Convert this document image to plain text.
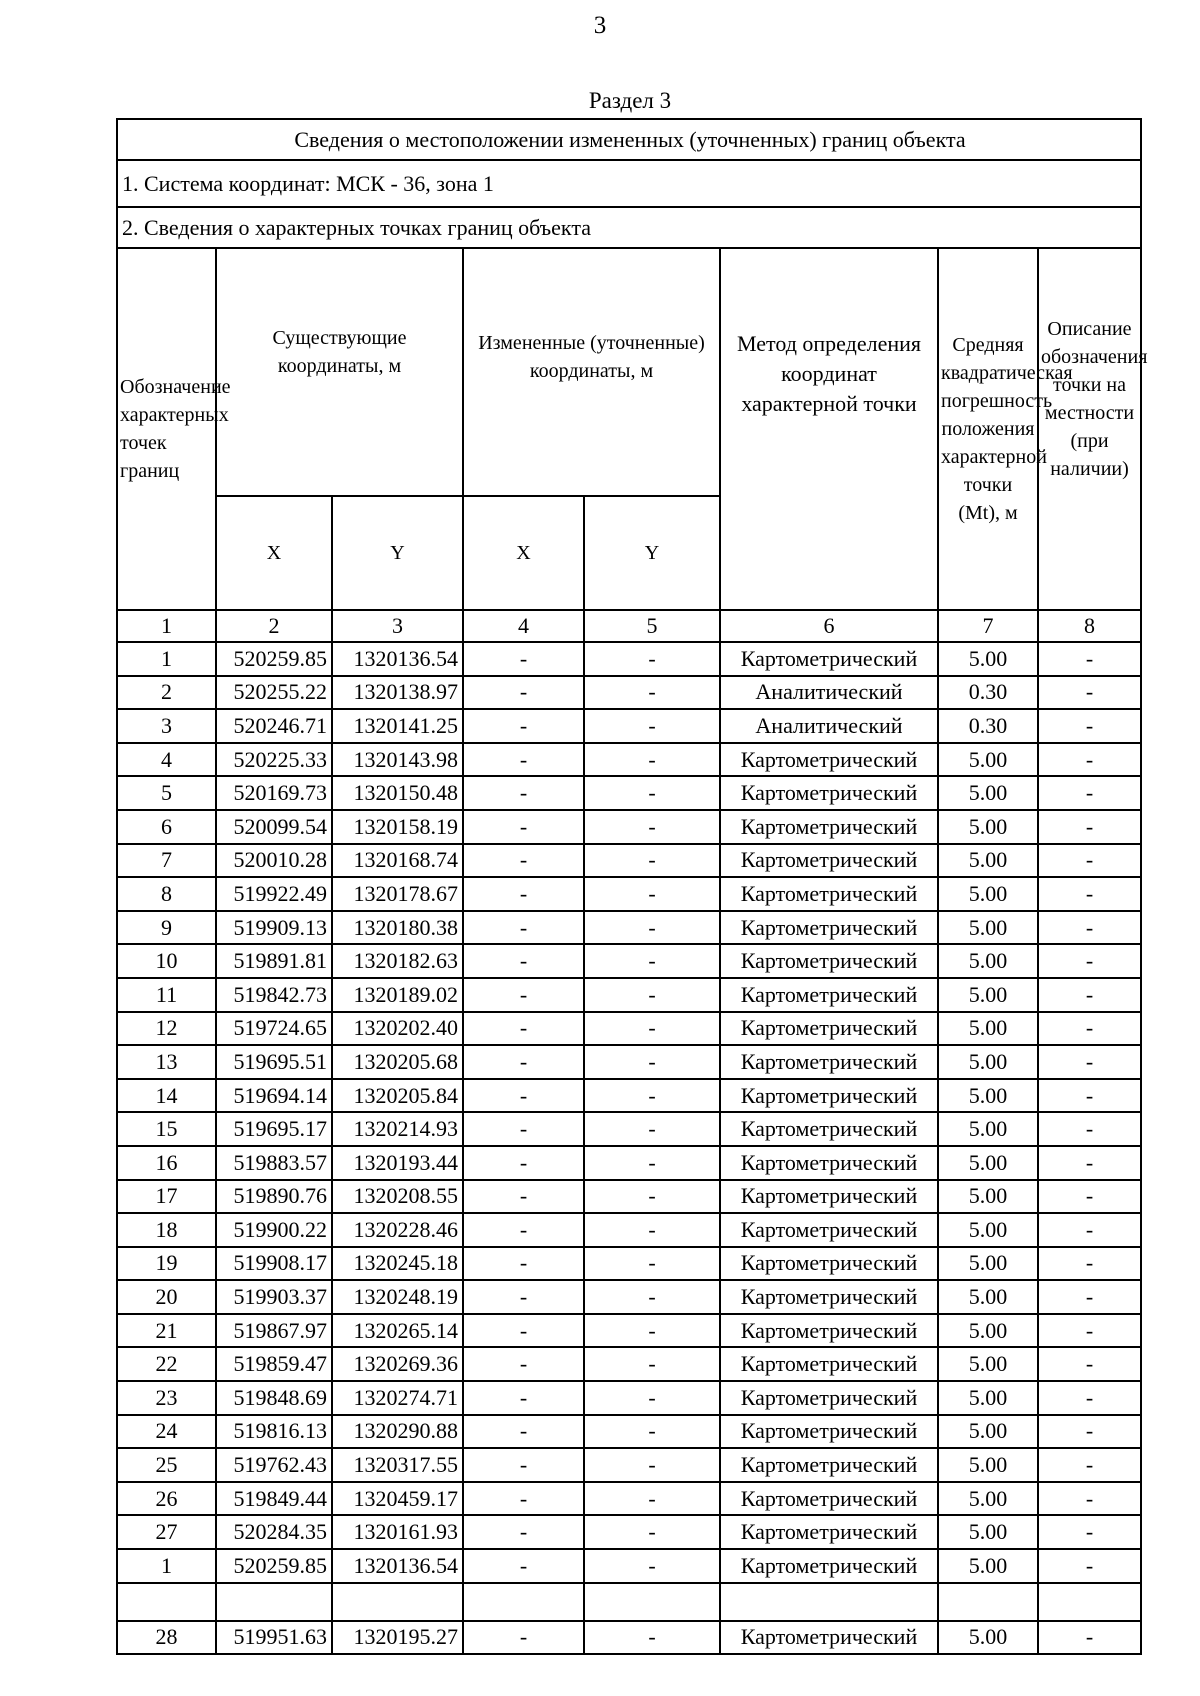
3
Раздел 3
Сведения о местоположении измененных (уточненных) границ объекта							
1. Система координат: МСК - 36, зона 1							
2. Сведения о характерных точках границ объекта							
Обозначение характерных точек границ	Существующие координаты, м		Измененные (уточненные) координаты, м		Метод определения координат характерной точки	Средняя квадратическая погрешность положения характерной точки (Mt), м	Описание обозначения точки на местности (при наличии)
	X	Y	X	Y			
1	2	3	4	5	6	7	8
1	520259.85	1320136.54	-	-	Картометрический	5.00	-
2	520255.22	1320138.97	-	-	Аналитический	0.30	-
3	520246.71	1320141.25	-	-	Аналитический	0.30	-
4	520225.33	1320143.98	-	-	Картометрический	5.00	-
5	520169.73	1320150.48	-	-	Картометрический	5.00	-
6	520099.54	1320158.19	-	-	Картометрический	5.00	-
7	520010.28	1320168.74	-	-	Картометрический	5.00	-
8	519922.49	1320178.67	-	-	Картометрический	5.00	-
9	519909.13	1320180.38	-	-	Картометрический	5.00	-
10	519891.81	1320182.63	-	-	Картометрический	5.00	-
11	519842.73	1320189.02	-	-	Картометрический	5.00	-
12	519724.65	1320202.40	-	-	Картометрический	5.00	-
13	519695.51	1320205.68	-	-	Картометрический	5.00	-
14	519694.14	1320205.84	-	-	Картометрический	5.00	-
15	519695.17	1320214.93	-	-	Картометрический	5.00	-
16	519883.57	1320193.44	-	-	Картометрический	5.00	-
17	519890.76	1320208.55	-	-	Картометрический	5.00	-
18	519900.22	1320228.46	-	-	Картометрический	5.00	-
19	519908.17	1320245.18	-	-	Картометрический	5.00	-
20	519903.37	1320248.19	-	-	Картометрический	5.00	-
21	519867.97	1320265.14	-	-	Картометрический	5.00	-
22	519859.47	1320269.36	-	-	Картометрический	5.00	-
23	519848.69	1320274.71	-	-	Картометрический	5.00	-
24	519816.13	1320290.88	-	-	Картометрический	5.00	-
25	519762.43	1320317.55	-	-	Картометрический	5.00	-
26	519849.44	1320459.17	-	-	Картометрический	5.00	-
27	520284.35	1320161.93	-	-	Картометрический	5.00	-
1	520259.85	1320136.54	-	-	Картометрический	5.00	-

28	519951.63	1320195.27	-	-	Картометрический	5.00	-
